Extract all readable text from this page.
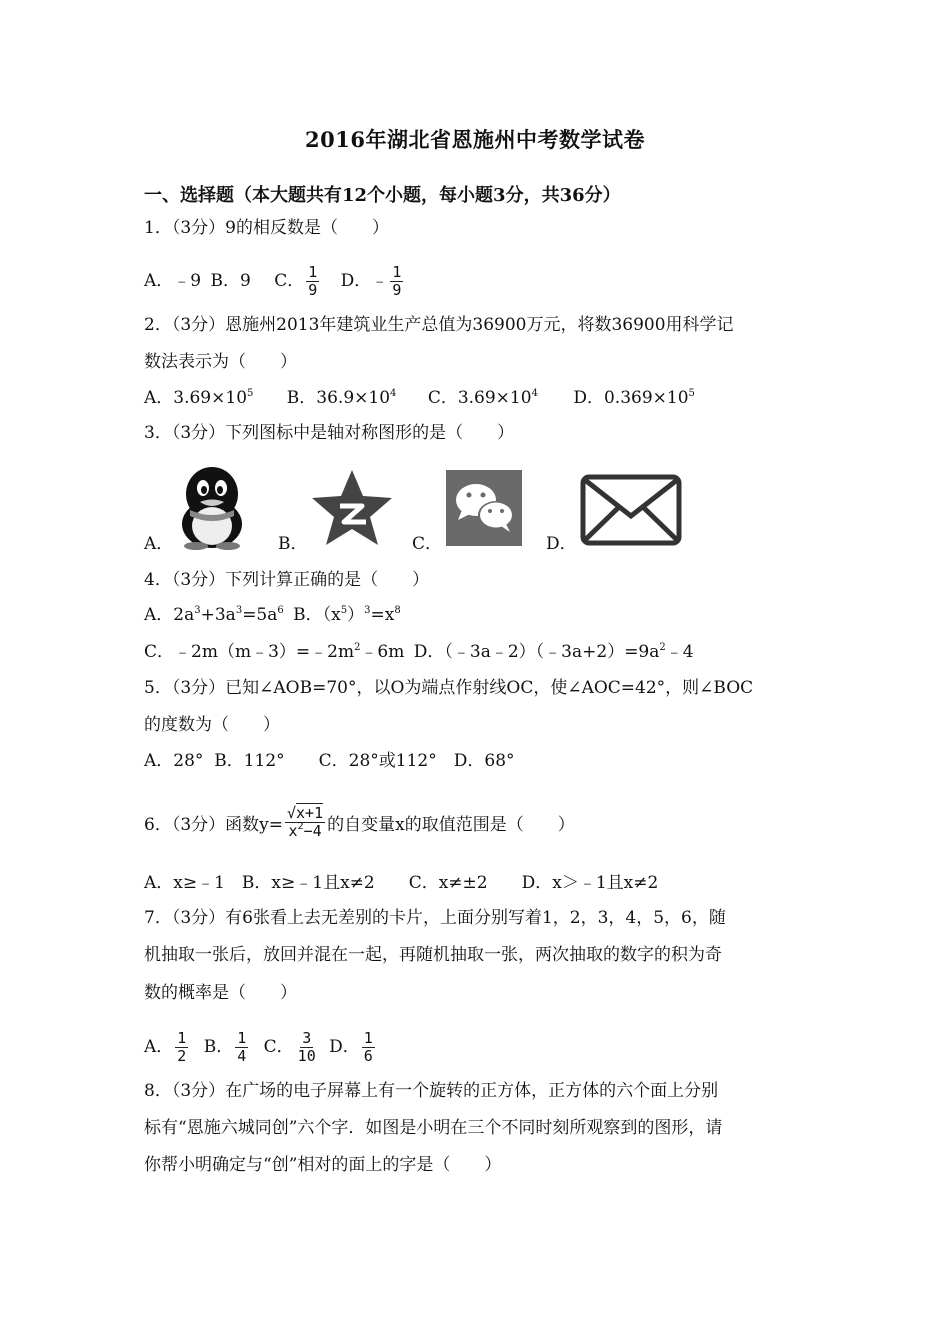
2016年湖北省恩施州中考数学试卷
一、选择题（本大题共有12个小题，每小题3分，共36分）
1．（3分）9的相反数是（　　）
A．﹣9 B．9 C． $\frac{1}{9}$ D．﹣ $\frac{1}{9}$
2．（3分）恩施州2013年建筑业生产总值为36900万元，将数36900用科学记
数法表示为（　　）
A．$3.69\times 10^5$ B．$36.9\times 10^4$ C．$3.69\times 10^4$ D．$0.369\times 10^5$
3．（3分）下列图标中是轴对称图形的是（　　）
A．	B．	C．	D．
4．（3分）下列计算正确的是（　　）
A．$2a^3+3a^3=5a^6$ B．$(x^5)^3=x^8$
C．$﹣2m(m﹣3)=﹣2m^2﹣6m$ D．$(﹣3a﹣2)(﹣3a+2)=9a^2﹣4$
5．（3分）已知∠AOB=70°，以O为端点作射线OC，使∠AOC=42°，则∠BOC
的度数为（　　）
A．28°  B．112°　　C．28°或112°　D．68°
6．（3分）函数$y= \frac{√x+1}{x^2-4}$ 的自变量x的取值范围是（　　）
A．x≥﹣1　B．x≥﹣1且x≠2　　C．x≠±2　　D．x＞﹣1且x≠2
7．（3分）有6张看上去无差别的卡片，上面分别写着1，2，3，4，5，6，随
机抽取一张后，放回并混在一起，再随机抽取一张，两次抽取的数字的积为奇
数的概率是（　　）
A． $\frac{1}{2}$ B． $\frac{1}{4}$ C． $\frac{3}{10}$ D． $\frac{1}{6}$
8．（3分）在广场的电子屏幕上有一个旋转的正方体，正方体的六个面上分别
标有“恩施六城同创”六个字．如图是小明在三个不同时刻所观察到的图形，请
你帮小明确定与“创”相对的面上的字是（　　）
